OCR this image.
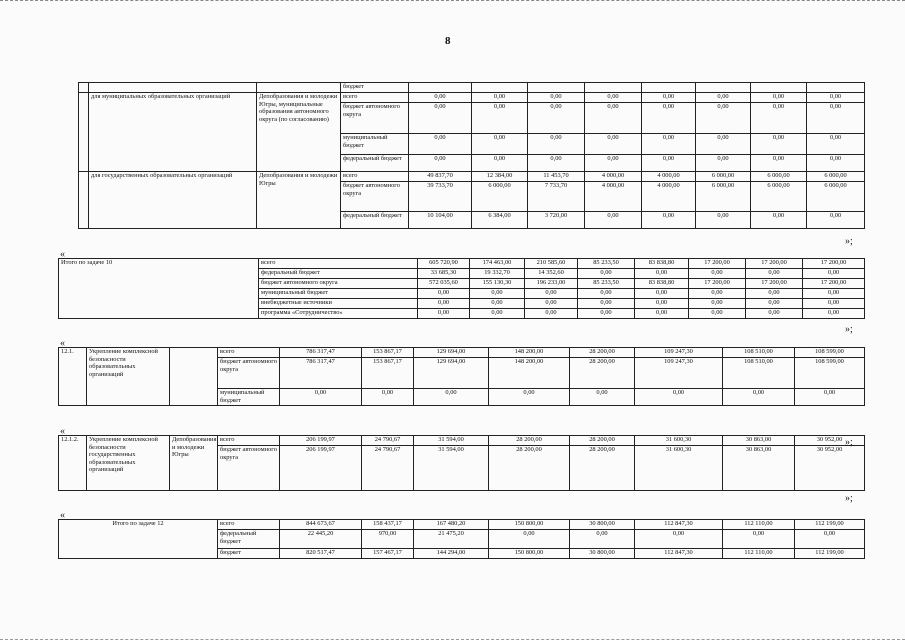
8
			бюджет								
	для муниципальных образовательных организаций	Депобразования и молодежи Югры, муниципальные образования автономного округа (по согласованию)	всего	0,00	0,00	0,00	0,00	0,00	0,00	0,00	0,00
			бюджет автономного округа	0,00	0,00	0,00	0,00	0,00	0,00	0,00	0,00
			муниципальный бюджет	0,00	0,00	0,00	0,00	0,00	0,00	0,00	0,00
			федеральный бюджет	0,00	0,00	0,00	0,00	0,00	0,00	0,00	0,00
	для государственных образовательных организаций	Депобразования и молодежи Югры	всего	49 837,70	12 384,00	11 453,70	4 000,00	4 000,00	6 000,00	6 000,00	6 000,00
			бюджет автономного округа	39 733,70	6 000,00	7 733,70	4 000,00	4 000,00	6 000,00	6 000,00	6 000,00
			федеральный бюджет	10 104,00	6 384,00	3 720,00	0,00	0,00	0,00	0,00	0,00
»;
«
Итого по задаче 10	всего	605 720,90	174 463,00	210 585,60	85 233,50	83 838,80	17 200,00	17 200,00	17 200,00
	федеральный бюджет	33 685,30	19 332,70	14 352,60	0,00	0,00	0,00	0,00	0,00
	бюджет автономного округа	572 035,60	155 130,30	196 233,00	85 233,50	83 838,80	17 200,00	17 200,00	17 200,00
	муниципальный бюджет	0,00	0,00	0,00	0,00	0,00	0,00	0,00	0,00
	внебюджетные источники	0,00	0,00	0,00	0,00	0,00	0,00	0,00	0,00
	программа «Сотрудничество»	0,00	0,00	0,00	0,00	0,00	0,00	0,00	0,00
»;
«
12.1.	Укрепление комплексной безопасности образовательных организаций		всего	786 317,47	153 867,17	129 694,00	148 200,00	28 200,00	109 247,30	108 510,00	108 599,00
			бюджет автономного округа	786 317,47	153 867,17	129 694,00	148 200,00	28 200,00	109 247,30	108 510,00	108 599,00
			муниципальный бюджет	0,00	0,00	0,00	0,00	0,00	0,00	0,00	0,00
»;
«
12.1.2.	Укрепление комплексной безопасности государственных образовательных организаций	Депобразования и молодежи Югры	всего	206 199,97	24 790,67	31 594,00	28 200,00	28 200,00	31 600,30	30 863,00	30 952,00
			бюджет автономного округа	206 199,97	24 790,67	31 594,00	28 200,00	28 200,00	31 600,30	30 863,00	30 952,00
»;
«
Итого по задаче 12	всего	844 673,67	158 437,17	167 480,20	150 800,00	30 800,00	112 847,30	112 110,00	112 199,00
	федеральный бюджет	22 445,20	970,00	21 475,20	0,00	0,00	0,00	0,00	0,00
	бюджет	820 517,47	157 467,17	144 294,00	150 800,00	30 800,00	112 847,30	112 110,00	112 199,00
